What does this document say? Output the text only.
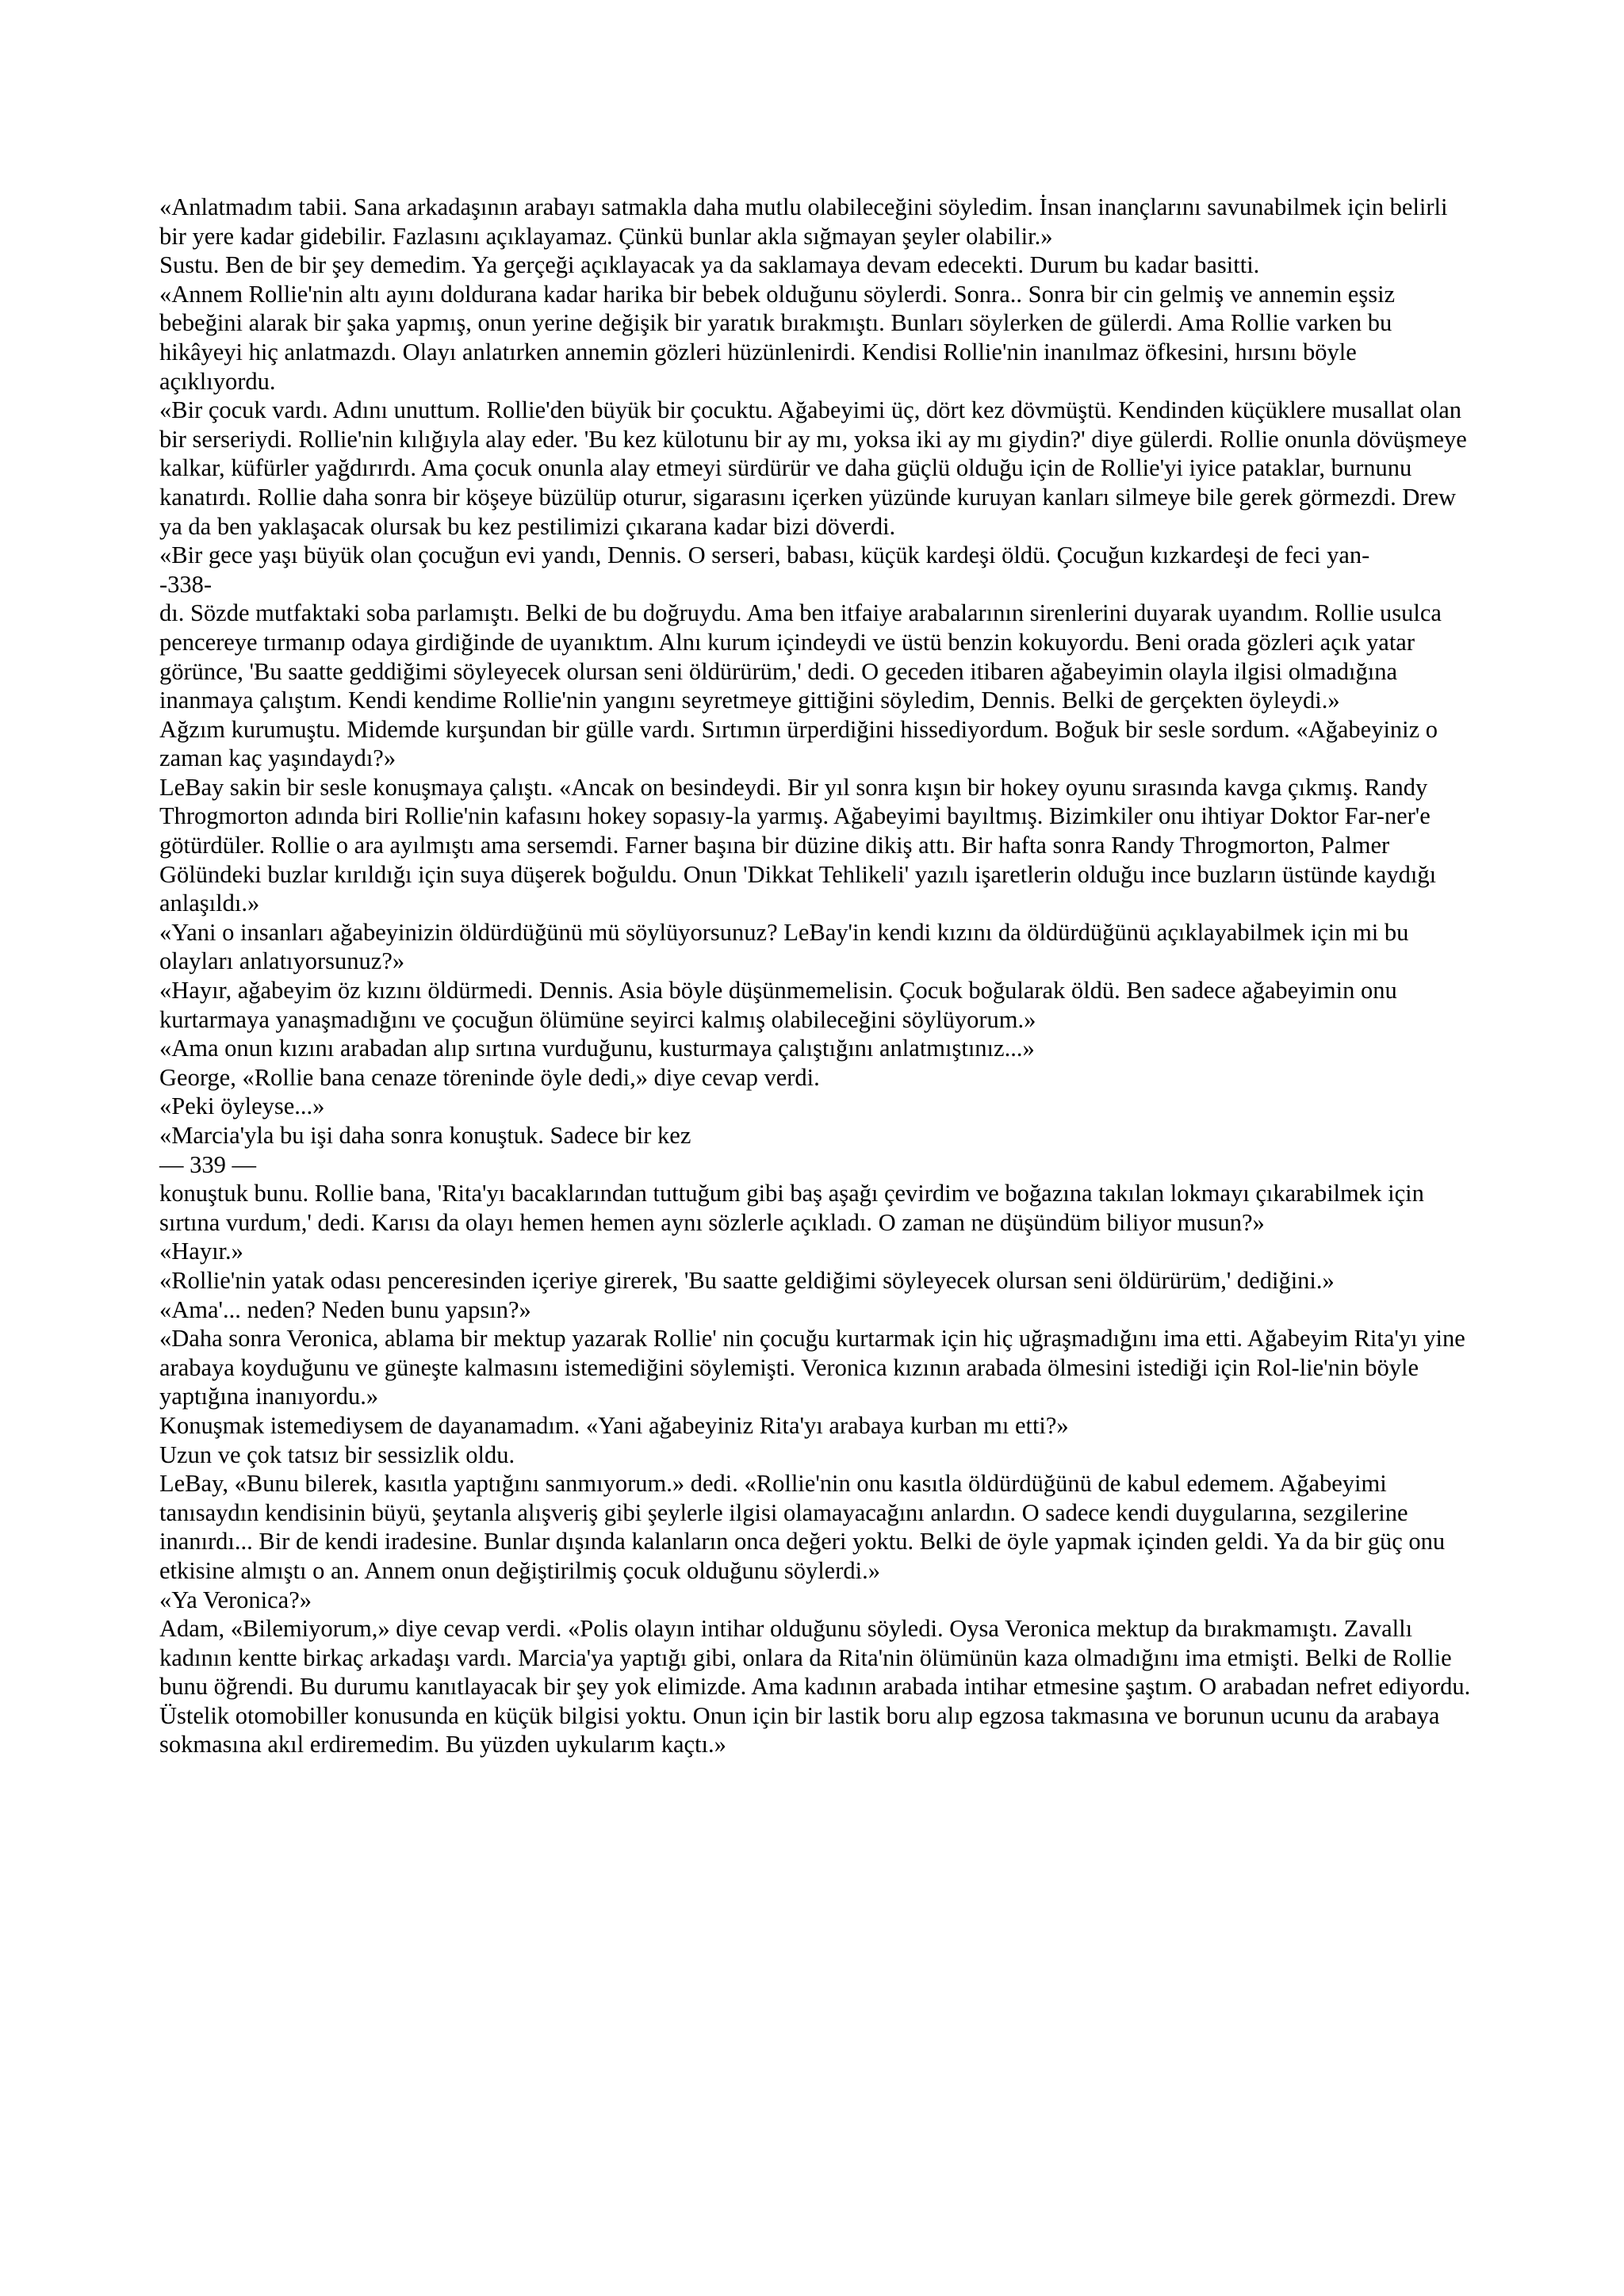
«Anlatmadım tabii. Sana arkadaşının arabayı satmakla daha mutlu olabileceğini söyledim. İnsan inançlarını savunabilmek için belirli bir yere kadar gidebilir. Fazlasını açıklayamaz. Çünkü bunlar akla sığmayan şeyler olabilir.»

Sustu. Ben de bir şey demedim. Ya gerçeği açıklayacak ya da saklamaya devam edecekti. Durum bu kadar basitti.

«Annem Rollie'nin altı ayını doldurana kadar harika bir bebek olduğunu söylerdi. Sonra.. Sonra bir cin gelmiş ve annemin eşsiz bebeğini alarak bir şaka yapmış, onun yerine değişik bir yaratık bırakmıştı. Bunları söylerken de gülerdi. Ama Rollie varken bu hikâyeyi hiç anlatmazdı. Olayı anlatırken annemin gözleri hüzünlenirdi. Kendisi Rollie'nin inanılmaz öfkesini, hırsını böyle açıklıyordu.

«Bir çocuk vardı. Adını unuttum. Rollie'den büyük bir çocuktu. Ağabeyimi üç, dört kez dövmüştü. Kendinden küçüklere musallat olan bir serseriydi. Rollie'nin kılığıyla alay eder. 'Bu kez külotunu bir ay mı, yoksa iki ay mı giydin?' diye gülerdi. Rollie onunla dövüşmeye kalkar, küfürler yağdırırdı. Ama çocuk onunla alay etmeyi sürdürür ve daha güçlü olduğu için de Rollie'yi iyice pataklar, burnunu kanatırdı. Rollie daha sonra bir köşeye büzülüp oturur, sigarasını içerken yüzünde kuruyan kanları silmeye bile gerek görmezdi. Drew ya da ben yaklaşacak olursak bu kez pestilimizi çıkarana kadar bizi döverdi.

«Bir gece yaşı büyük olan çocuğun evi yandı, Dennis. O serseri, babası, küçük kardeşi öldü. Çocuğun kızkardeşi de feci yan-

-338-

dı. Sözde mutfaktaki soba parlamıştı. Belki de bu doğruydu. Ama ben itfaiye arabalarının sirenlerini duyarak uyandım. Rollie usulca pencereye tırmanıp odaya girdiğinde de uyanıktım. Alnı kurum içindeydi ve üstü benzin kokuyordu. Beni orada gözleri açık yatar görünce, 'Bu saatte geddiğimi söyleyecek olursan seni öldürürüm,' dedi. O geceden itibaren ağabeyimin olayla ilgisi olmadığına inanmaya çalıştım. Kendi kendime Rollie'nin yangını seyretmeye gittiğini söyledim, Dennis. Belki de gerçekten öyleydi.»

Ağzım kurumuştu. Midemde kurşundan bir gülle vardı. Sırtımın ürperdiğini hissediyordum. Boğuk bir sesle sordum. «Ağabeyiniz o zaman kaç yaşındaydı?»

LeBay sakin bir sesle konuşmaya çalıştı. «Ancak on besindeydi. Bir yıl sonra kışın bir hokey oyunu sırasında kavga çıkmış. Randy Throgmorton adında biri Rollie'nin kafasını hokey sopasıy-la yarmış. Ağabeyimi bayıltmış. Bizimkiler onu ihtiyar Doktor Far-ner'e götürdüler. Rollie o ara ayılmıştı ama sersemdi. Farner başına bir düzine dikiş attı. Bir hafta sonra Randy Throgmorton, Palmer Gölündeki buzlar kırıldığı için suya düşerek boğuldu. Onun 'Dikkat Tehlikeli' yazılı işaretlerin olduğu ince buzların üstünde kaydığı anlaşıldı.»

«Yani o insanları ağabeyinizin öldürdüğünü mü söylüyorsunuz? LeBay'in kendi kızını da öldürdüğünü açıklayabilmek için mi bu olayları anlatıyorsunuz?»

«Hayır, ağabeyim öz kızını öldürmedi. Dennis. Asia böyle düşünmemelisin. Çocuk boğularak öldü. Ben sadece ağabeyimin onu kurtarmaya yanaşmadığını ve çocuğun ölümüne seyirci kalmış olabileceğini söylüyorum.»

«Ama onun kızını arabadan alıp sırtına vurduğunu, kusturmaya çalıştığını anlatmıştınız...»

George, «Rollie bana cenaze töreninde öyle dedi,» diye cevap verdi.

«Peki öyleyse...»

«Marcia'yla bu işi daha sonra konuştuk. Sadece bir kez

— 339 —

konuştuk bunu. Rollie bana, 'Rita'yı bacaklarından tuttuğum gibi baş aşağı çevirdim ve boğazına takılan lokmayı çıkarabilmek için sırtına vurdum,' dedi. Karısı da olayı hemen hemen aynı sözlerle açıkladı. O zaman ne düşündüm biliyor musun?»

«Hayır.»

«Rollie'nin yatak odası penceresinden içeriye girerek, 'Bu saatte geldiğimi söyleyecek olursan seni öldürürüm,' dediğini.»

«Ama'... neden? Neden bunu yapsın?»

«Daha sonra Veronica, ablama bir mektup yazarak Rollie' nin çocuğu kurtarmak için hiç uğraşmadığını ima etti. Ağabeyim Rita'yı yine arabaya koyduğunu ve güneşte kalmasını istemediğini söylemişti. Veronica kızının arabada ölmesini istediği için Rol-lie'nin böyle yaptığına inanıyordu.»

Konuşmak istemediysem de dayanamadım. «Yani ağabeyiniz Rita'yı arabaya kurban mı etti?»

Uzun ve çok tatsız bir sessizlik oldu.

LeBay, «Bunu bilerek, kasıtla yaptığını sanmıyorum.» dedi. «Rollie'nin onu kasıtla öldürdüğünü de kabul edemem. Ağabeyimi tanısaydın kendisinin büyü, şeytanla alışveriş gibi şeylerle ilgisi olamayacağını anlardın. O sadece kendi duygularına, sezgilerine inanırdı... Bir de kendi iradesine. Bunlar dışında kalanların onca değeri yoktu. Belki de öyle yapmak içinden geldi. Ya da bir güç onu etkisine almıştı o an. Annem onun değiştirilmiş çocuk olduğunu söylerdi.»

«Ya Veronica?»

Adam, «Bilemiyorum,» diye cevap verdi. «Polis olayın intihar olduğunu söyledi. Oysa Veronica mektup da bırakmamıştı. Zavallı kadının kentte birkaç arkadaşı vardı. Marcia'ya yaptığı gibi, onlara da Rita'nin ölümünün kaza olmadığını ima etmişti. Belki de Rollie bunu öğrendi. Bu durumu kanıtlayacak bir şey yok elimizde. Ama kadının arabada intihar etmesine şaştım. O arabadan nefret ediyordu. Üstelik otomobiller konusunda en küçük bilgisi yoktu. Onun için bir lastik boru alıp egzosa takmasına ve borunun ucunu da arabaya sokmasına akıl erdiremedim. Bu yüzden uykularım kaçtı.»
